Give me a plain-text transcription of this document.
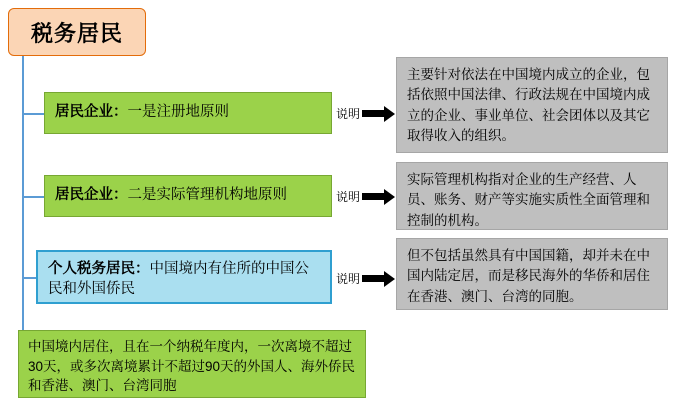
税务居民
居民企业：一是注册地原则	说明
主要针对依法在中国境内成立的企业，包括依照中国法律、行政法规在中国境内成立的企业、事业单位、社会团体以及其它取得收入的组织。
居民企业：二是实际管理机构地原则	说明
实际管理机构指对企业的生产经营、人员、账务、财产等实施实质性全面管理和控制的机构。
个人税务居民：中国境内有住所的中国公民和外国侨民
说明
但不包括虽然具有中国国籍，却并未在中国内陆定居，而是移民海外的华侨和居住在香港、澳门、台湾的同胞。
中国境内居住，且在一个纳税年度内，一次离境不超过30天，或多次离境累计不超过90天的外国人、海外侨民和香港、澳门、台湾同胞
